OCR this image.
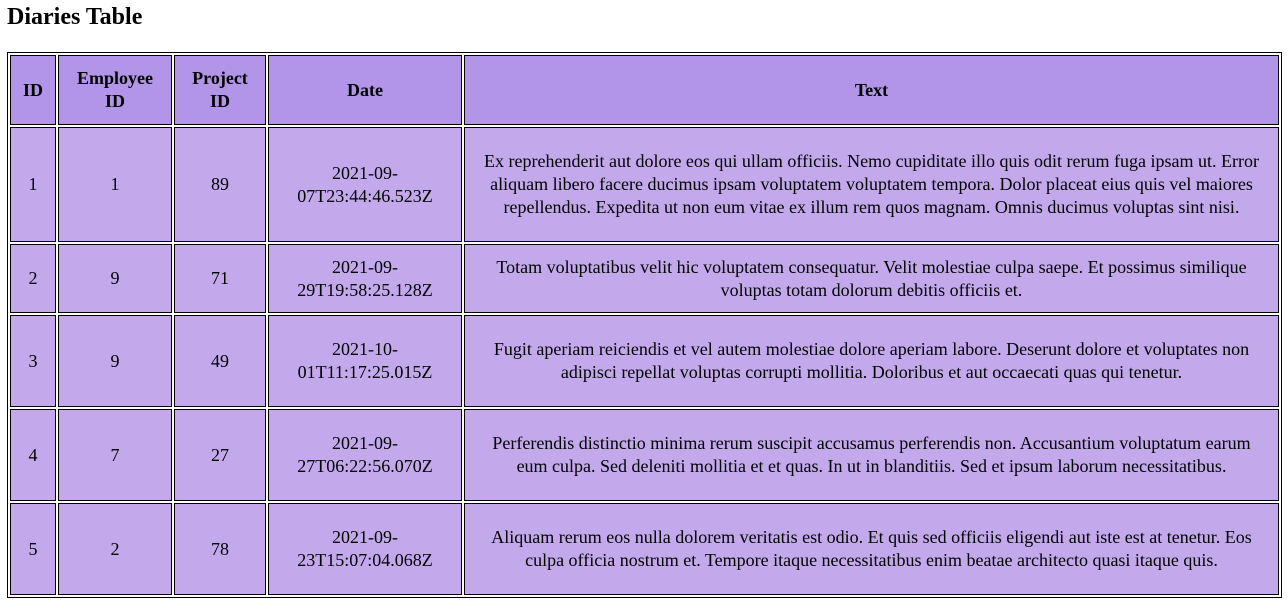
Diaries Table
ID	Employee ID	Project ID	Date	Text
1	1	89	2021-09-07T23:44:46.523Z	Ex reprehenderit aut dolore eos qui ullam officiis. Nemo cupiditate illo quis odit rerum fuga ipsam ut. Error aliquam libero facere ducimus ipsam voluptatem voluptatem tempora. Dolor placeat eius quis vel maiores repellendus. Expedita ut non eum vitae ex illum rem quos magnam. Omnis ducimus voluptas sint nisi.
2	9	71	2021-09-29T19:58:25.128Z	Totam voluptatibus velit hic voluptatem consequatur. Velit molestiae culpa saepe. Et possimus similique voluptas totam dolorum debitis officiis et.
3	9	49	2021-10-01T11:17:25.015Z	Fugit aperiam reiciendis et vel autem molestiae dolore aperiam labore. Deserunt dolore et voluptates non adipisci repellat voluptas corrupti mollitia. Doloribus et aut occaecati quas qui tenetur.
4	7	27	2021-09-27T06:22:56.070Z	Perferendis distinctio minima rerum suscipit accusamus perferendis non. Accusantium voluptatum earum eum culpa. Sed deleniti mollitia et et quas. In ut in blanditiis. Sed et ipsum laborum necessitatibus.
5	2	78	2021-09-23T15:07:04.068Z	Aliquam rerum eos nulla dolorem veritatis est odio. Et quis sed officiis eligendi aut iste est at tenetur. Eos culpa officia nostrum et. Tempore itaque necessitatibus enim beatae architecto quasi itaque quis.
